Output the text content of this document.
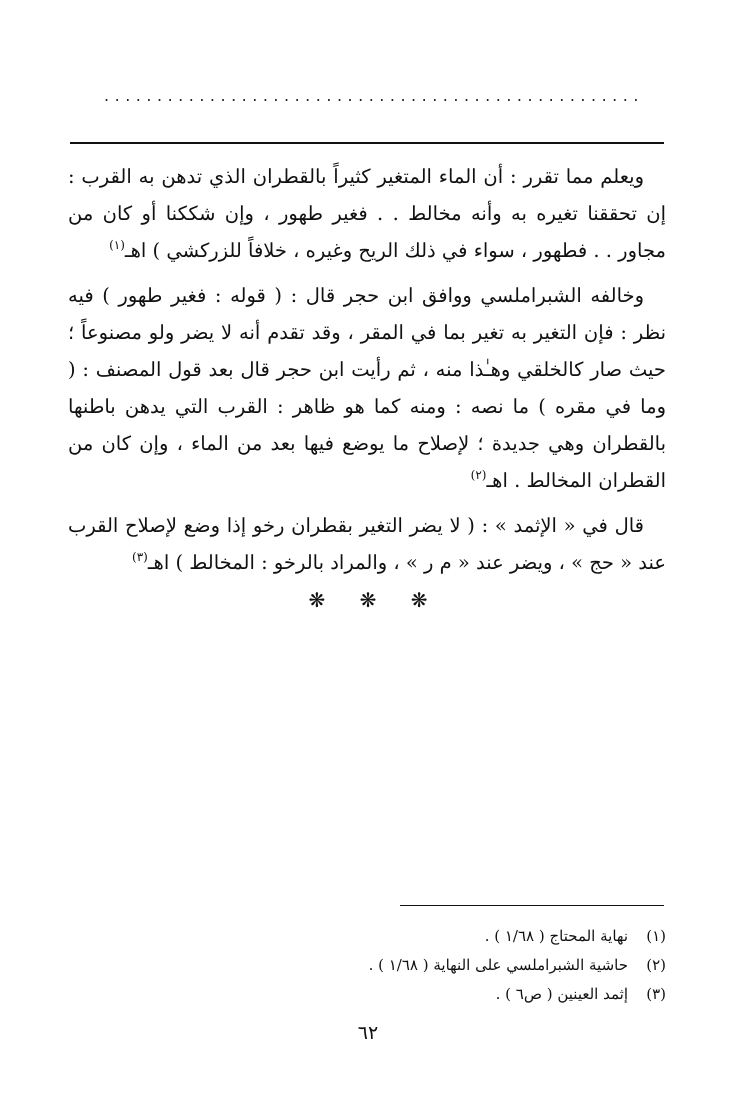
...................................................

ويعلم مما تقرر : أن الماء المتغير كثيراً بالقطران الذي تدهن به القرب : إن تحققنا تغيره به وأنه مخالط . . فغير طهور ، وإن شككنا أو كان من مجاور . . فطهور ، سواء في ذلك الريح وغيره ، خلافاً للزركشي ) اهـ$^{(١)}$

وخالفه الشبراملسي ووافق ابن حجر قال : ( قوله : فغير طهور ) فيه نظر : فإن التغير به تغير بما في المقر ، وقد تقدم أنه لا يضر ولو مصنوعاً ؛ حيث صار كالخلقي وهـٰذا منه ، ثم رأيت ابن حجر قال بعد قول المصنف : ( وما في مقره ) ما نصه : ومنه كما هو ظاهر : القرب التي يدهن باطنها بالقطران وهي جديدة ؛ لإصلاح ما يوضع فيها بعد من الماء ، وإن كان من القطران المخالط . اهـ$^{(٢)}$

قال في « الإثمد » : ( لا يضر التغير بقطران رخو إذا وضع لإصلاح القرب عند « حج » ، ويضر عند « م ر » ، والمراد بالرخو : المخالط ) اهـ$^{(٣)}$

❋ ❋ ❋
(١)
نهاية المحتاج ( ١/٦٨ ) .
(٢)
حاشية الشبراملسي على النهاية ( ١/٦٨ ) .
(٣)
إثمد العينين ( ص٦ ) .
٦٢
